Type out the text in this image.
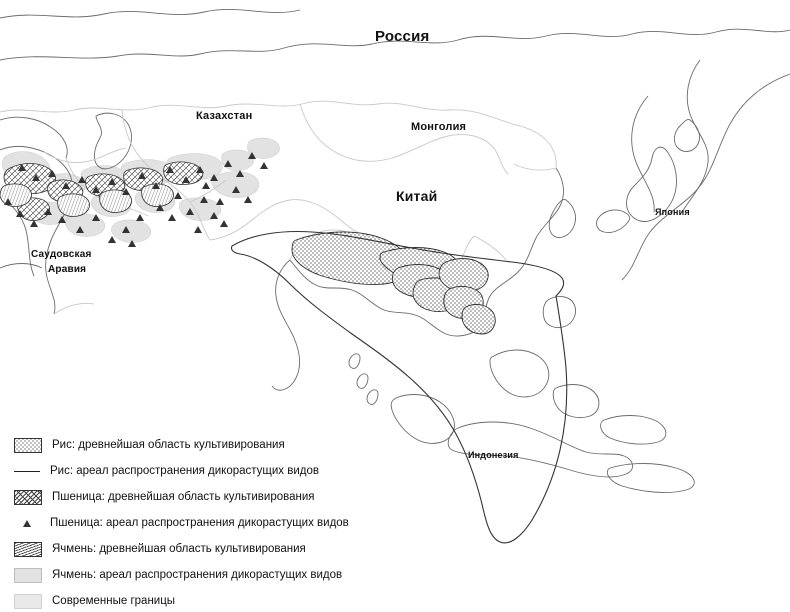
Россия
Казахстан
Монголия
Китай
Япония
Саудовская
Аравия
Индонезия
Рис: древнейшая область культивирования
Рис: ареал распространения дикорастущих видов
Пшеница: древнейшая область культивирования
Пшеница: ареал распространения дикорастущих видов
Ячмень: древнейшая область культивирования
Ячмень: ареал распространения дикорастущих видов
Современные границы
